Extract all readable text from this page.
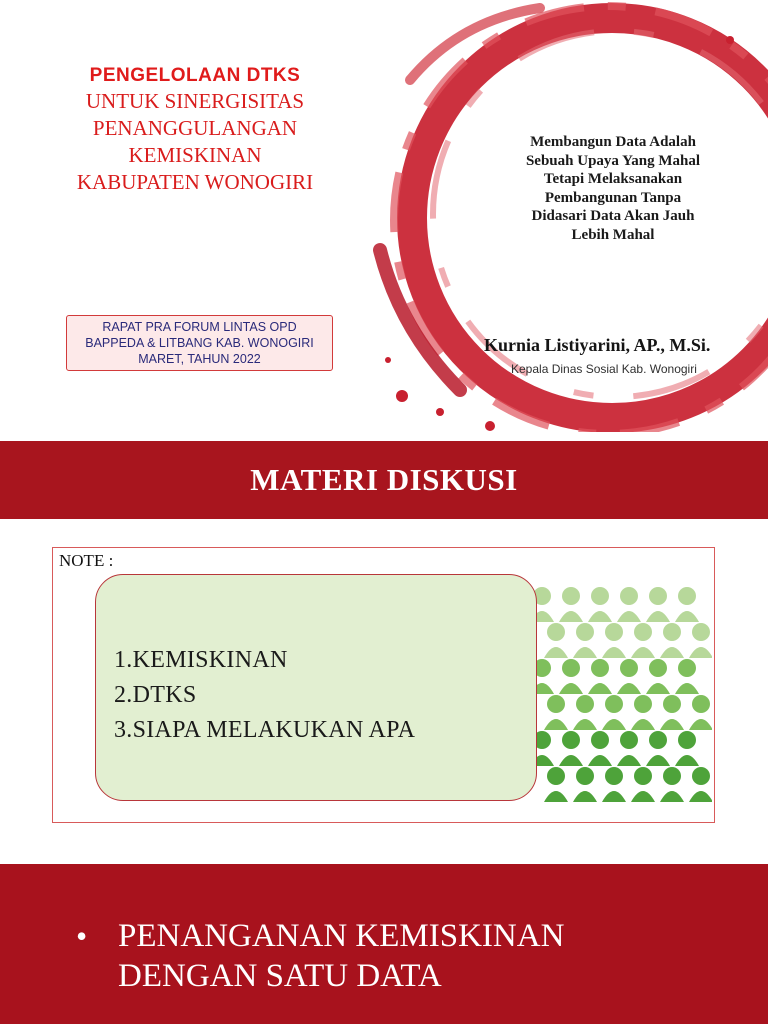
PENGELOLAAN DTKS
UNTUK SINERGISITAS
PENANGGULANGAN
KEMISKINAN
KABUPATEN WONOGIRI
RAPAT PRA FORUM LINTAS OPD
BAPPEDA & LITBANG KAB. WONOGIRI
MARET, TAHUN 2022
Membangun Data Adalah
Sebuah Upaya Yang Mahal
Tetapi Melaksanakan
Pembangunan Tanpa
Didasari Data Akan Jauh
Lebih Mahal
Kurnia Listiyarini, AP., M.Si.
Kepala Dinas Sosial Kab. Wonogiri
MATERI DISKUSI
NOTE :
1.KEMISKINAN
2.DTKS
3.SIAPA MELAKUKAN APA
• PENANGANAN KEMISKINAN DENGAN SATU DATA
